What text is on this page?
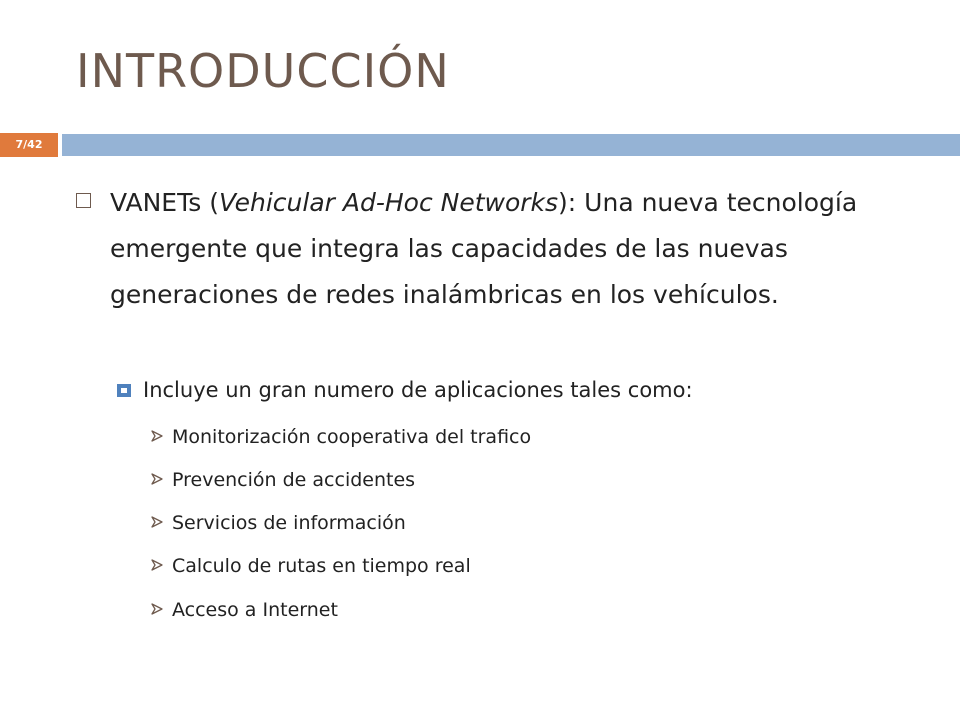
INTRODUCCIÓN
7/42

VANETs (Vehicular Ad-Hoc Networks): Una nueva tecnología emergente que integra las capacidades de las nuevas generaciones de redes inalámbricas en los vehículos.

Incluye un gran numero de aplicaciones tales como:

Monitorización cooperativa del trafico

Prevención de accidentes

Servicios de información

Calculo de rutas en tiempo real

Acceso a Internet
